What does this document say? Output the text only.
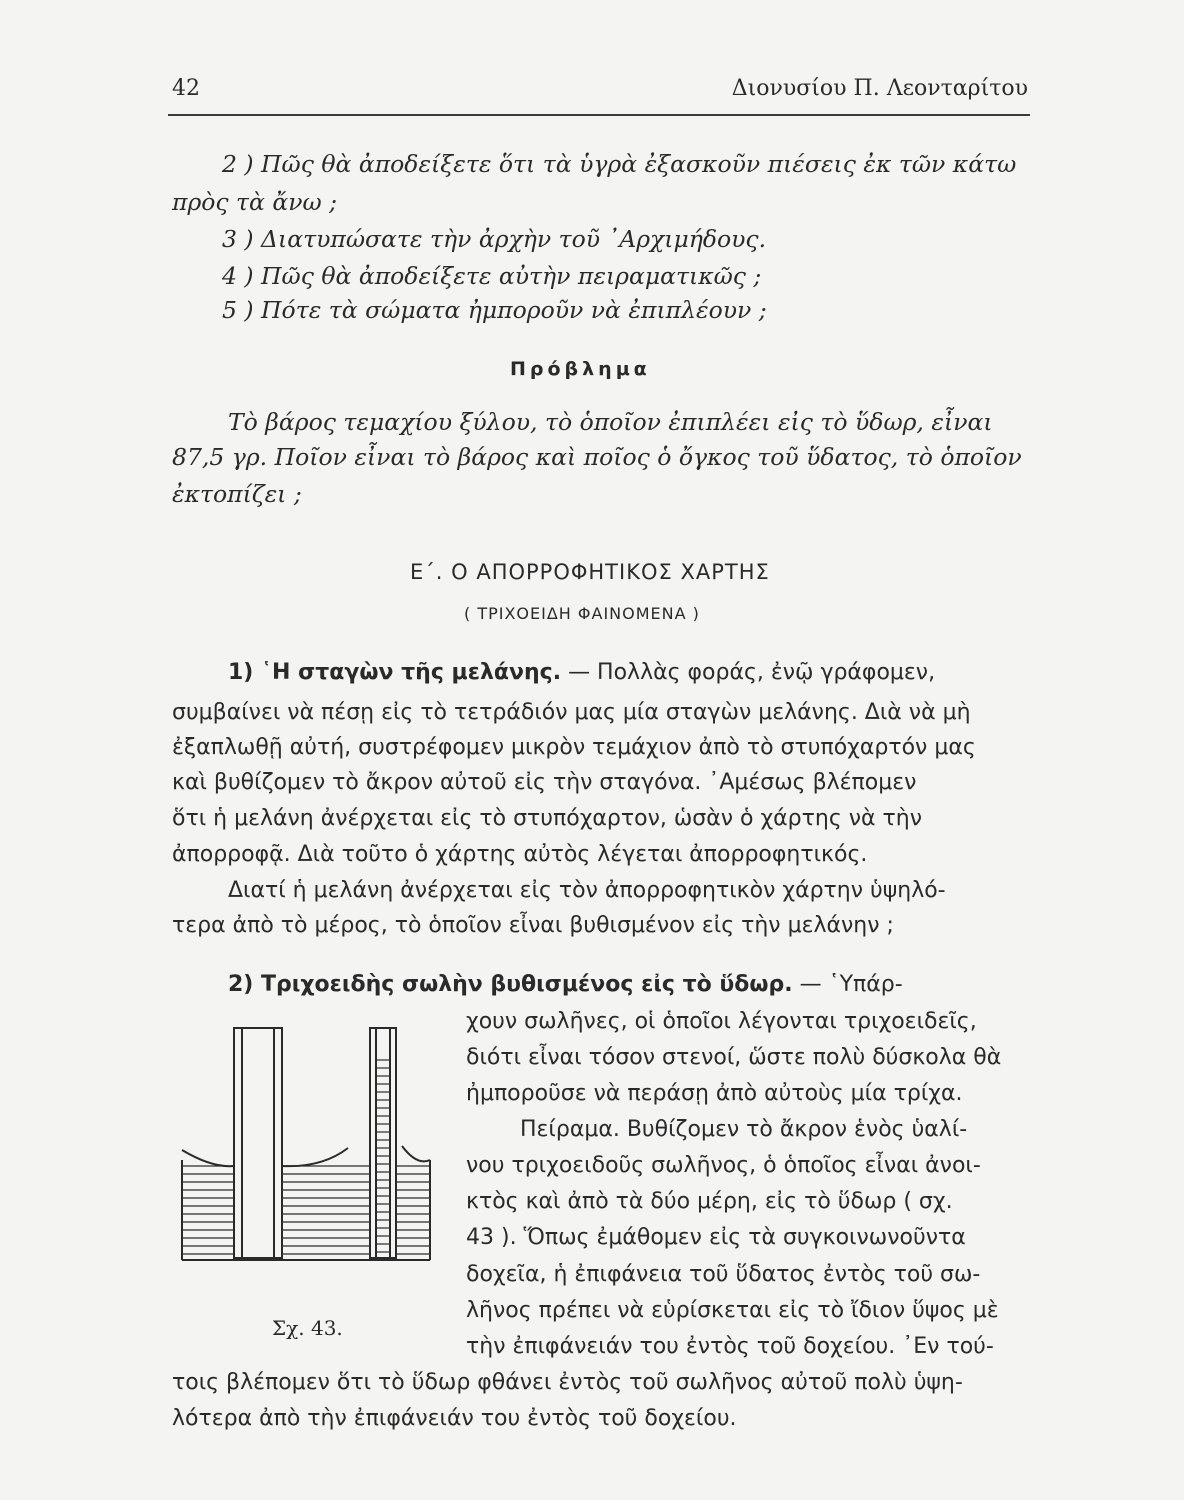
42	Διονυσίου Π. Λεονταρίτου
2 ) Πῶς θὰ ἀποδείξετε ὅτι τὰ ὑγρὰ ἐξασκοῦν πιέσεις ἐκ τῶν κάτω
πρὸς τὰ ἄνω ;
3 ) Διατυπώσατε τὴν ἀρχὴν τοῦ ᾿Αρχιμήδους.
4 ) Πῶς θὰ ἀποδείξετε αὐτὴν πειραματικῶς ;
5 ) Πότε τὰ σώματα ἠμποροῦν νὰ ἐπιπλέουν ;
Πρόβλημα
Τὸ βάρος τεμαχίου ξύλου, τὸ ὁποῖον ἐπιπλέει εἰς τὸ ὕδωρ, εἶναι
87,5 γρ. Ποῖον εἶναι τὸ βάρος καὶ ποῖος ὁ ὄγκος τοῦ ὕδατος, τὸ ὁποῖον
ἐκτοπίζει ;
Ε΄. Ο ΑΠΟΡΡΟΦΗΤΙΚΟΣ ΧΑΡΤΗΣ
( ΤΡΙΧΟΕΙΔΗ ΦΑΙΝΟΜΕΝΑ )
1) ῾Η σταγὼν τῆς μελάνης. — Πολλὰς φοράς, ἐνῷ γράφομεν,
συμβαίνει νὰ πέσῃ εἰς τὸ τετράδιόν μας μία σταγὼν μελάνης. Διὰ νὰ μὴ
ἐξαπλωθῇ αὐτή, συστρέφομεν μικρὸν τεμάχιον ἀπὸ τὸ στυπόχαρτόν μας
καὶ βυθίζομεν τὸ ἄκρον αὐτοῦ εἰς τὴν σταγόνα. ᾿Αμέσως βλέπομεν
ὅτι ἡ μελάνη ἀνέρχεται εἰς τὸ στυπόχαρτον, ὡσὰν ὁ χάρτης νὰ τὴν
ἀπορροφᾷ. Διὰ τοῦτο ὁ χάρτης αὐτὸς λέγεται ἀπορροφητικός.
Διατί ἡ μελάνη ἀνέρχεται εἰς τὸν ἀπορροφητικὸν χάρτην ὑψηλό-
τερα ἀπὸ τὸ μέρος, τὸ ὁποῖον εἶναι βυθισμένον εἰς τὴν μελάνην ;
2) Τριχοειδὴς σωλὴν βυθισμένος εἰς τὸ ὕδωρ. — ῾Υπάρ-
χουν σωλῆνες, οἱ ὁποῖοι λέγονται τριχοειδεῖς,
διότι εἶναι τόσον στενοί, ὥστε πολὺ δύσκολα θὰ
ἠμποροῦσε νὰ περάσῃ ἀπὸ αὐτοὺς μία τρίχα.
Πείραμα. Βυθίζομεν τὸ ἄκρον ἑνὸς ὑαλί-
νου τριχοειδοῦς σωλῆνος, ὁ ὁποῖος εἶναι ἀνοι-
κτὸς καὶ ἀπὸ τὰ δύο μέρη, εἰς τὸ ὕδωρ ( σχ.
43 ). Ὅπως ἐμάθομεν εἰς τὰ συγκοινωνοῦντα
δοχεῖα, ἡ ἐπιφάνεια τοῦ ὕδατος ἐντὸς τοῦ σω-
λῆνος πρέπει νὰ εὑρίσκεται εἰς τὸ ἴδιον ὕψος μὲ
τὴν ἐπιφάνειάν του ἐντὸς τοῦ δοχείου. ᾿Εν τού-
τοις βλέπομεν ὅτι τὸ ὕδωρ φθάνει ἐντὸς τοῦ σωλῆνος αὐτοῦ πολὺ ὑψη-
λότερα ἀπὸ τὴν ἐπιφάνειάν του ἐντὸς τοῦ δοχείου.
Σχ. 43.
